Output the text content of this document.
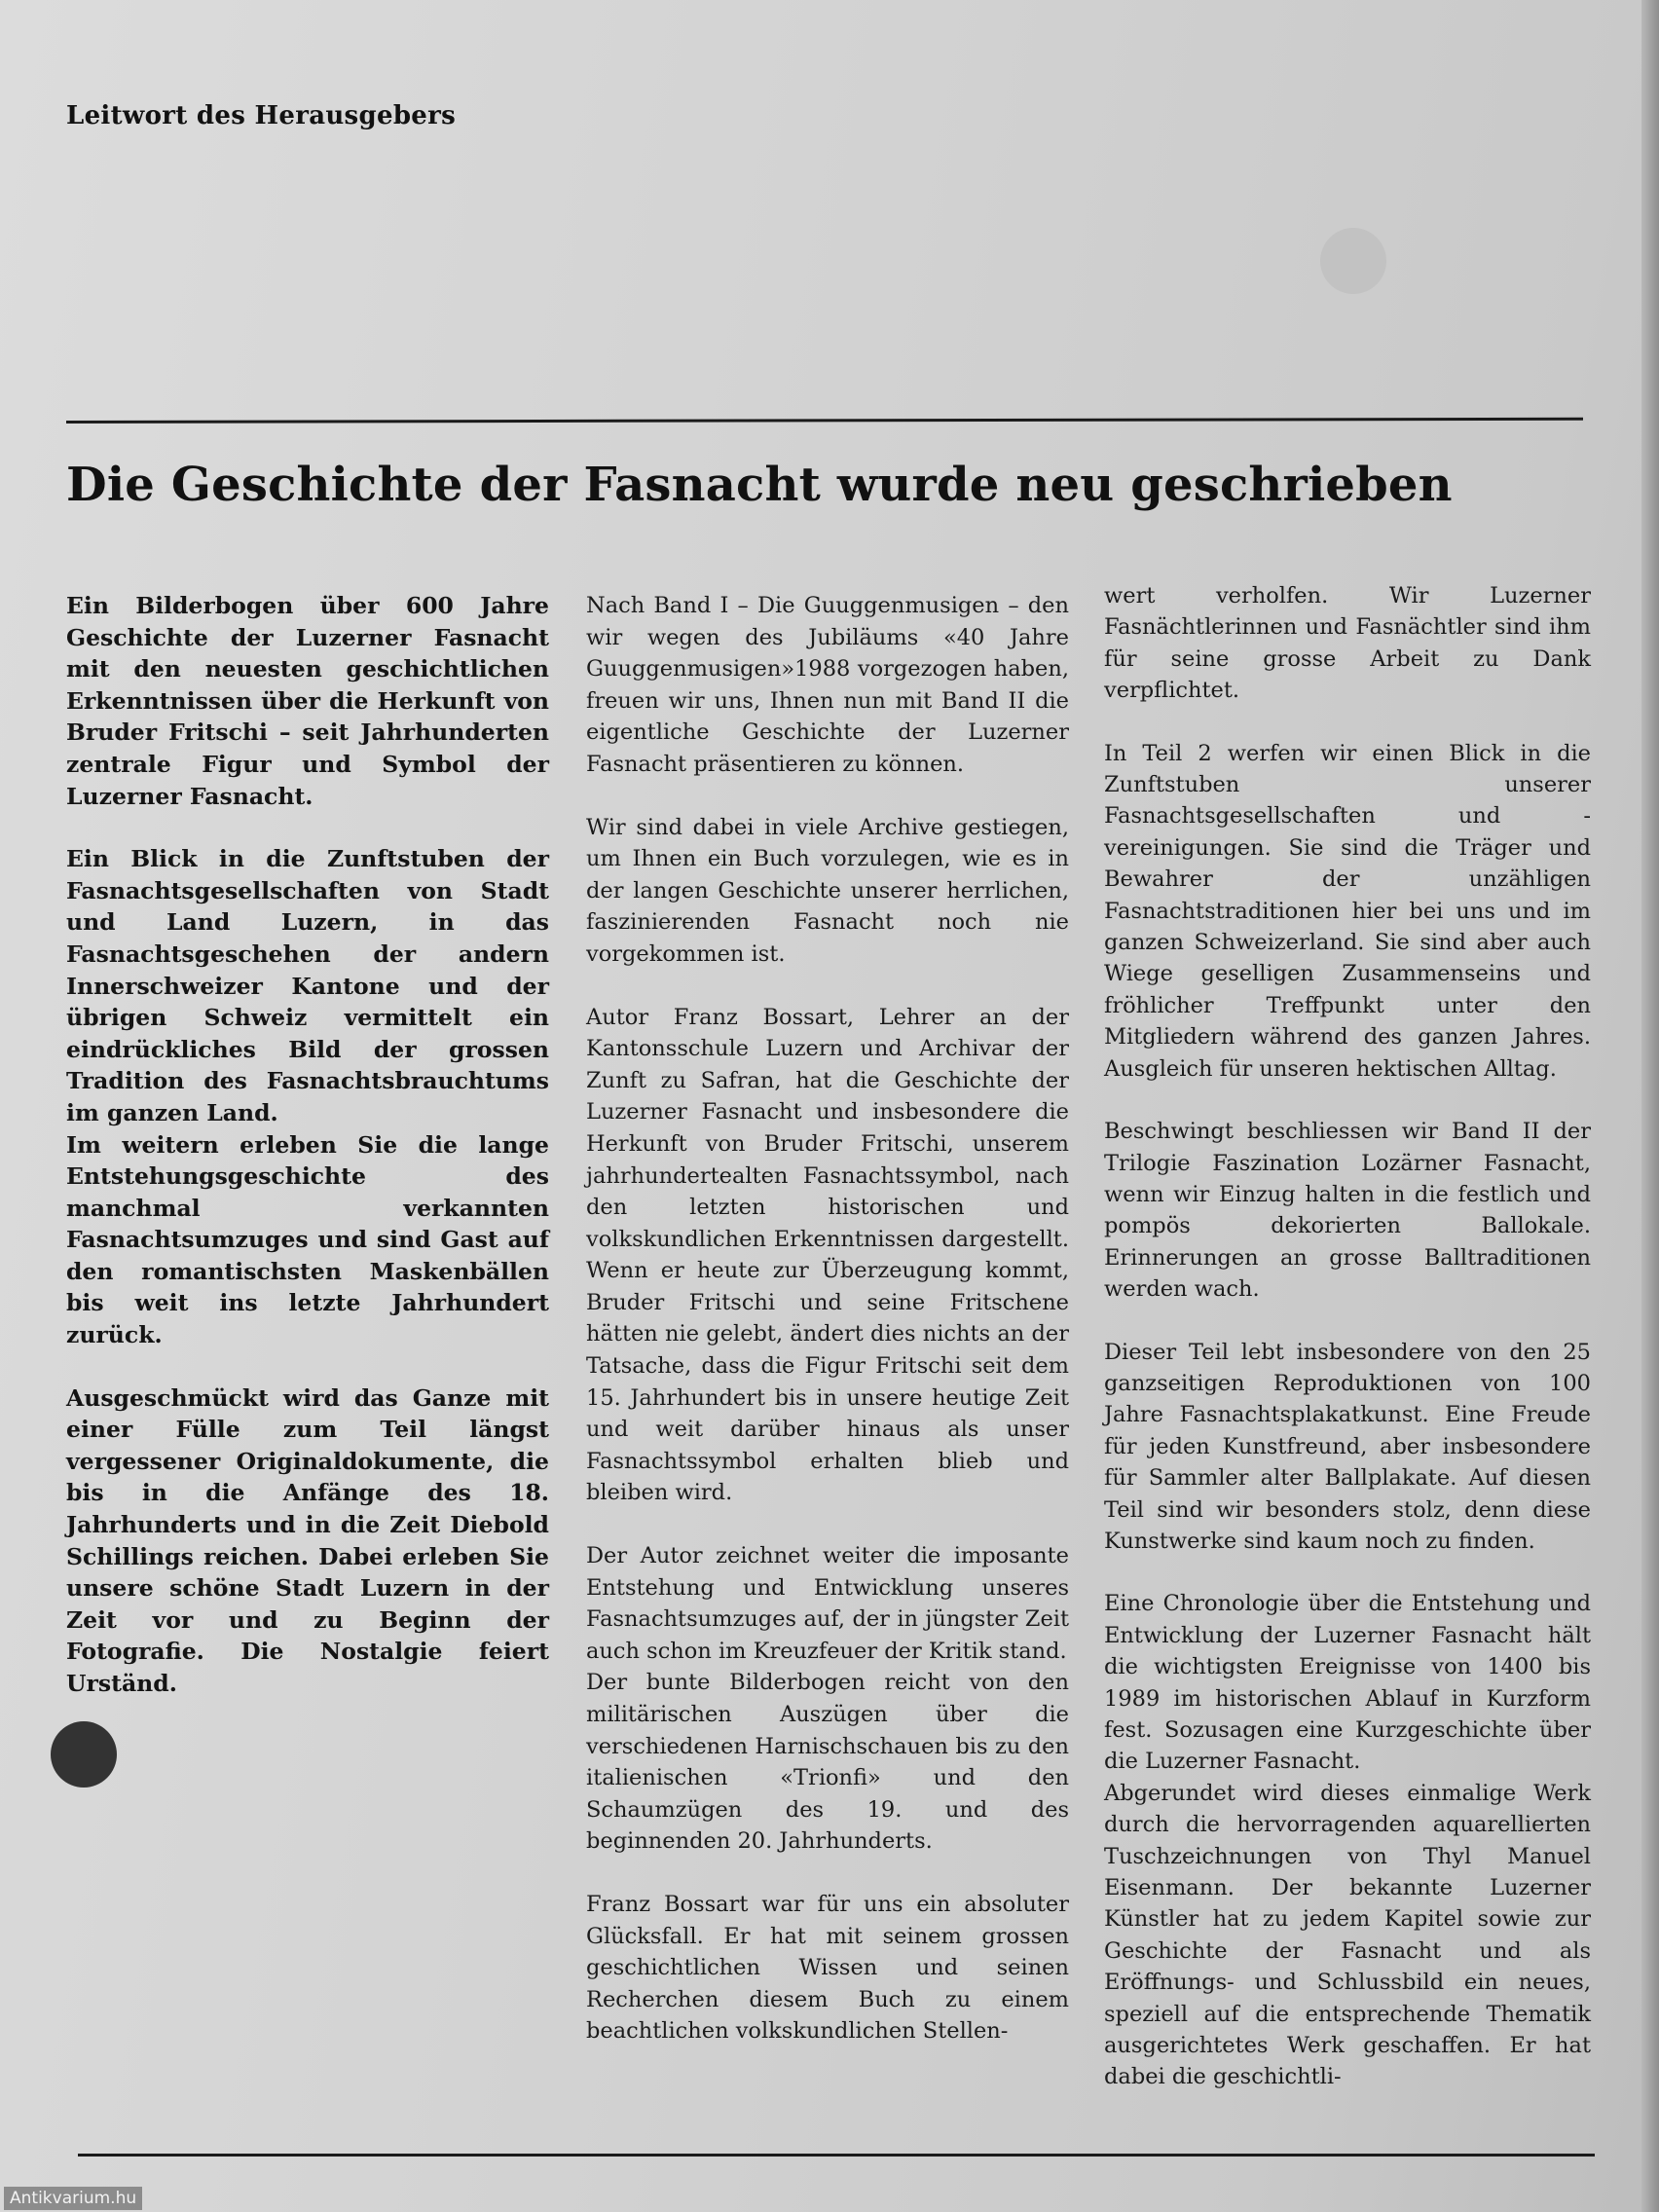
Leitwort des Herausgebers
Die Geschichte der Fasnacht wurde neu geschrieben

Ein Bilderbogen über 600 Jahre Geschichte der Luzerner Fasnacht mit den neuesten geschichtlichen Erkenntnissen über die Herkunft von Bruder Fritschi – seit Jahrhunderten zentrale Figur und Symbol der Luzerner Fasnacht.

Ein Blick in die Zunftstuben der Fasnachtsgesellschaften von Stadt und Land Luzern, in das Fasnachtsgeschehen der andern Innerschweizer Kantone und der übrigen Schweiz vermittelt ein eindrückliches Bild der grossen Tradition des Fasnachtsbrauchtums im ganzen Land.

Im weitern erleben Sie die lange Entstehungsgeschichte des manchmal verkannten Fasnachtsumzuges und sind Gast auf den romantischsten Maskenbällen bis weit ins letzte Jahrhundert zurück.

Ausgeschmückt wird das Ganze mit einer Fülle zum Teil längst vergessener Originaldokumente, die bis in die Anfänge des 18. Jahrhunderts und in die Zeit Diebold Schillings reichen. Dabei erleben Sie unsere schöne Stadt Luzern in der Zeit vor und zu Beginn der Fotografie. Die Nostalgie feiert Urständ.

Nach Band I – Die Guuggenmusigen – den wir wegen des Jubiläums «40 Jahre Guuggenmusigen»1988 vorgezogen haben, freuen wir uns, Ihnen nun mit Band II die eigentliche Geschichte der Luzerner Fasnacht präsentieren zu können.

Wir sind dabei in viele Archive gestiegen, um Ihnen ein Buch vorzulegen, wie es in der langen Geschichte unserer herrlichen, faszinierenden Fasnacht noch nie vorgekommen ist.

Autor Franz Bossart, Lehrer an der Kantonsschule Luzern und Archivar der Zunft zu Safran, hat die Geschichte der Luzerner Fasnacht und insbesondere die Herkunft von Bruder Fritschi, unserem jahrhundertealten Fasnachtssymbol, nach den letzten historischen und volkskundlichen Erkenntnissen dargestellt. Wenn er heute zur Überzeugung kommt, Bruder Fritschi und seine Fritschene hätten nie gelebt, ändert dies nichts an der Tatsache, dass die Figur Fritschi seit dem 15. Jahrhundert bis in unsere heutige Zeit und weit darüber hinaus als unser Fasnachtssymbol erhalten blieb und bleiben wird.

Der Autor zeichnet weiter die imposante Entstehung und Entwicklung unseres Fasnachtsumzuges auf, der in jüngster Zeit auch schon im Kreuzfeuer der Kritik stand.

Der bunte Bilderbogen reicht von den militärischen Auszügen über die verschiedenen Harnischschauen bis zu den italienischen «Trionfi» und den Schaumzügen des 19. und des beginnenden 20. Jahrhunderts.

Franz Bossart war für uns ein absoluter Glücksfall. Er hat mit seinem grossen geschichtlichen Wissen und seinen Recherchen diesem Buch zu einem beachtlichen volkskundlichen Stellen-

wert verholfen. Wir Luzerner Fasnächtlerinnen und Fasnächtler sind ihm für seine grosse Arbeit zu Dank verpflichtet.

In Teil 2 werfen wir einen Blick in die Zunftstuben unserer Fasnachtsgesellschaften und -vereinigungen. Sie sind die Träger und Bewahrer der unzähligen Fasnachtstraditionen hier bei uns und im ganzen Schweizerland. Sie sind aber auch Wiege geselligen Zusammenseins und fröhlicher Treffpunkt unter den Mitgliedern während des ganzen Jahres. Ausgleich für unseren hektischen Alltag.

Beschwingt beschliessen wir Band II der Trilogie Faszination Lozärner Fasnacht, wenn wir Einzug halten in die festlich und pompös dekorierten Ballokale. Erinnerungen an grosse Balltraditionen werden wach.

Dieser Teil lebt insbesondere von den 25 ganzseitigen Reproduktionen von 100 Jahre Fasnachtsplakatkunst. Eine Freude für jeden Kunstfreund, aber insbesondere für Sammler alter Ballplakate. Auf diesen Teil sind wir besonders stolz, denn diese Kunstwerke sind kaum noch zu finden.

Eine Chronologie über die Entstehung und Entwicklung der Luzerner Fasnacht hält die wichtigsten Ereignisse von 1400 bis 1989 im historischen Ablauf in Kurzform fest. Sozusagen eine Kurzgeschichte über die Luzerner Fasnacht.

Abgerundet wird dieses einmalige Werk durch die hervorragenden aquarellierten Tuschzeichnungen von Thyl Manuel Eisenmann. Der bekannte Luzerner Künstler hat zu jedem Kapitel sowie zur Geschichte der Fasnacht und als Eröffnungs- und Schlussbild ein neues, speziell auf die entsprechende Thematik ausgerichtetes Werk geschaffen. Er hat dabei die geschichtli-

Antikvarium.hu
